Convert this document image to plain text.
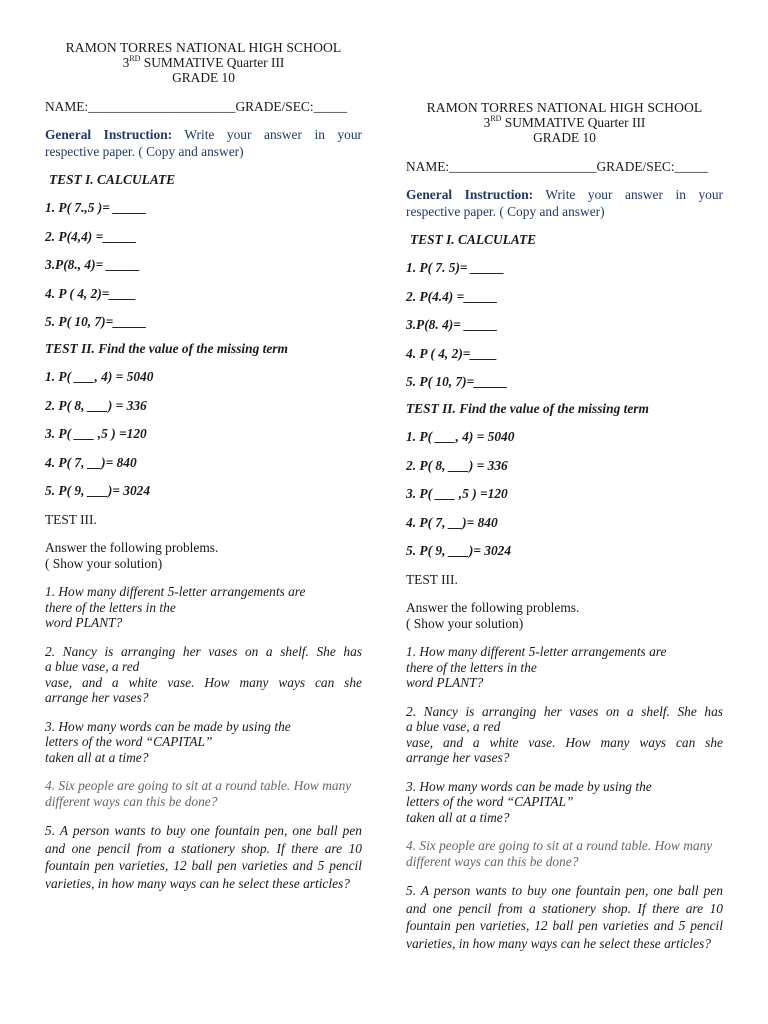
RAMON TORRES NATIONAL HIGH SCHOOL
3RD SUMMATIVE Quarter III
GRADE 10
NAME:______________________GRADE/SEC:_____
General Instruction: Write your answer in your respective paper. ( Copy and answer)
TEST I. CALCULATE
1. P( 7.,5 )= _____
2. P(4,4) =_____
3.P(8., 4)= _____
4. P ( 4, 2)=____
5. P( 10, 7)=_____
TEST II. Find the value of the missing term
1. P( ___, 4) = 5040
2. P( 8, ___) = 336
3. P( ___ ,5 ) =120
4. P( 7, __)= 840
5. P( 9, ___)= 3024
TEST III.
Answer the following problems.
( Show your solution)
1. How many different 5-letter arrangements are
there of the letters in the
word PLANT?
2. Nancy is arranging her vases on a shelf. She has
a blue vase, a red
vase, and a white vase. How many ways can she
arrange her vases?
3. How many words can be made by using the
letters of the word “CAPITAL”
taken all at a time?
4. Six people are going to sit at a round table. How many different ways can this be done?
5. A person wants to buy one fountain pen, one ball pen and one pencil from a stationery shop. If there are 10 fountain pen varieties, 12 ball pen varieties and 5 pencil varieties, in how many ways can he select these articles?
RAMON TORRES NATIONAL HIGH SCHOOL
3RD SUMMATIVE Quarter III
GRADE 10
NAME:______________________GRADE/SEC:_____
General Instruction: Write your answer in your respective paper. ( Copy and answer)
TEST I. CALCULATE
1. P( 7. 5)= _____
2. P(4.4) =_____
3.P(8. 4)= _____
4. P ( 4, 2)=____
5. P( 10, 7)=_____
TEST II. Find the value of the missing term
1. P( ___, 4) = 5040
2. P( 8, ___) = 336
3. P( ___ ,5 ) =120
4. P( 7, __)= 840
5. P( 9, ___)= 3024
TEST III.
Answer the following problems.
( Show your solution)
1. How many different 5-letter arrangements are
there of the letters in the
word PLANT?
2. Nancy is arranging her vases on a shelf. She has
a blue vase, a red
vase, and a white vase. How many ways can she
arrange her vases?
3. How many words can be made by using the
letters of the word “CAPITAL”
taken all at a time?
4. Six people are going to sit at a round table. How many different ways can this be done?
5. A person wants to buy one fountain pen, one ball pen and one pencil from a stationery shop. If there are 10 fountain pen varieties, 12 ball pen varieties and 5 pencil varieties, in how many ways can he select these articles?
